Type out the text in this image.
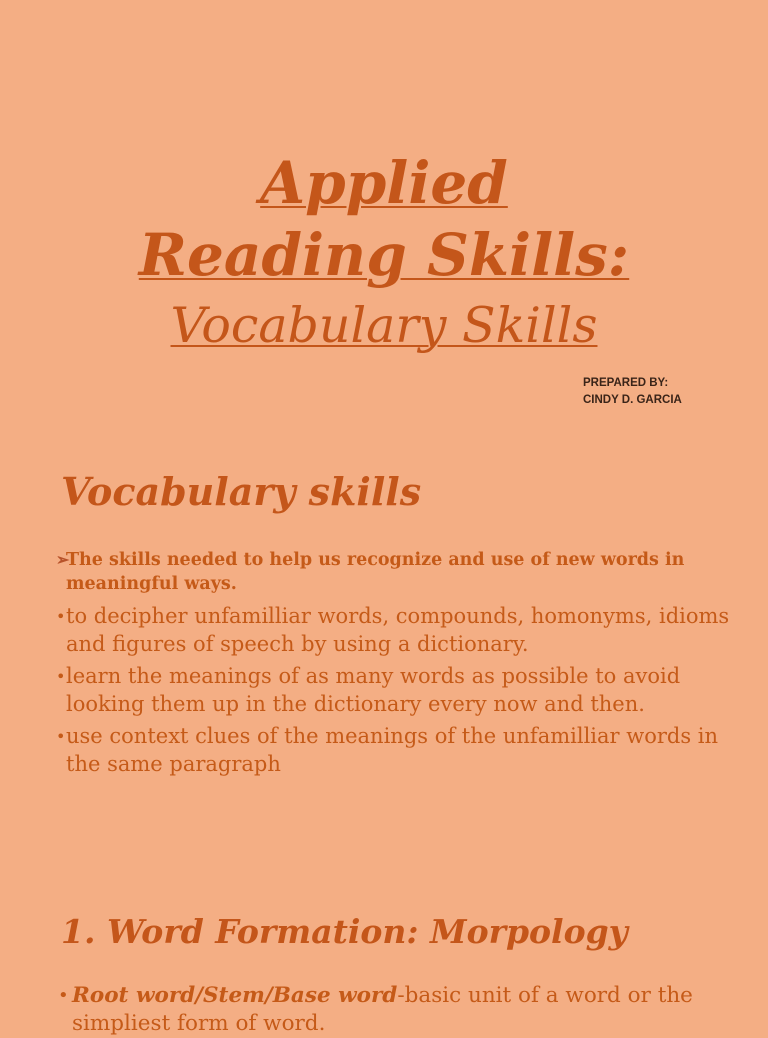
Applied
Reading Skills:
Vocabulary Skills
PREPARED BY:
CINDY D. GARCIA
Vocabulary skills
➢
The skills needed to help us recognize and use of new words in meaningful ways.
• to decipher unfamilliar words, compounds, homonyms, idioms and figures of speech by using a dictionary.
• learn the meanings of as many words as possible to avoid looking them up in the dictionary every now and then.
• use context clues of the meanings of the unfamilliar words in the same paragraph
1. Word Formation: Morpology
• Root word/Stem/Base word-basic unit of a word or the simpliest form of word.
